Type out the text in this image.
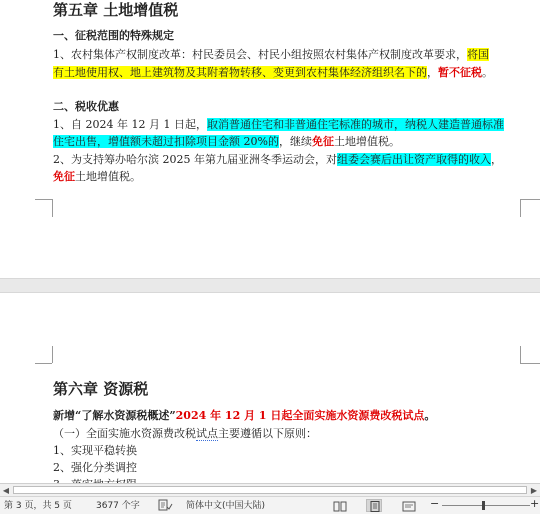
第五章 土地增值税
一、征税范围的特殊规定
1、农村集体产权制度改革：村民委员会、村民小组按照农村集体产权制度改革要求，将国
有土地使用权、地上建筑物及其附着物转移、变更到农村集体经济组织名下的，暂不征税。
二、税收优惠
1、自 2024 年 12 月 1 日起，取消普通住宅和非普通住宅标准的城市，纳税人建造普通标准
住宅出售，增值额未超过扣除项目金额 20%的，继续免征土地增值税。
2、为支持筹办哈尔滨 2025 年第九届亚洲冬季运动会，对组委会赛后出让资产取得的收入，
免征土地增值税。
第六章 资源税
新增“了解水资源税概述”2024 年 12 月 1 日起全面实施水资源费改税试点。
（一）全面实施水资源费改税试点主要遵循以下原则：
1、实现平稳转换
2、强化分类调控
◀	▶
第 3 页，共 5 页	3677 个字	简体中文(中国大陆)	−	+
